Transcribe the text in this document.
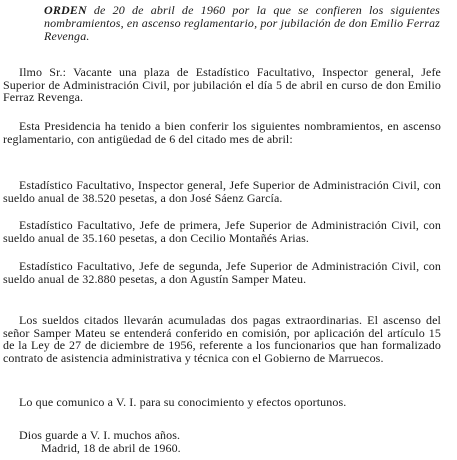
ORDEN de 20 de abril de 1960 por la que se confieren los siguientes nombramientos, en ascenso reglamentario, por jubilación de don Emilio Ferraz Revenga.

Ilmo Sr.: Vacante una plaza de Estadístico Facultativo, Inspector general, Jefe Superior de Administración Civil, por jubilación el día 5 de abril en curso de don Emilio Ferraz Revenga.

Esta Presidencia ha tenido a bien conferir los siguientes nombramientos, en ascenso reglamentario, con antigüedad de 6 del citado mes de abril:

Estadístico Facultativo, Inspector general, Jefe Superior de Administración Civil, con sueldo anual de 38.520 pesetas, a don José Sáenz García.

Estadístico Facultativo, Jefe de primera, Jefe Superior de Administración Civil, con sueldo anual de 35.160 pesetas, a don Cecilio Montañés Arias.

Estadístico Facultativo, Jefe de segunda, Jefe Superior de Administración Civil, con sueldo anual de 32.880 pesetas, a don Agustín Samper Mateu.

Los sueldos citados llevarán acumuladas dos pagas extraordinarias. El ascenso del señor Samper Mateu se entenderá conferido en comisión, por aplicación del artículo 15 de la Ley de 27 de diciembre de 1956, referente a los funcionarios que han formalizado contrato de asistencia administrativa y técnica con el Gobierno de Marruecos.

Lo que comunico a V. I. para su conocimiento y efectos oportunos.

Dios guarde a V. I. muchos años.

Madrid, 18 de abril de 1960.
